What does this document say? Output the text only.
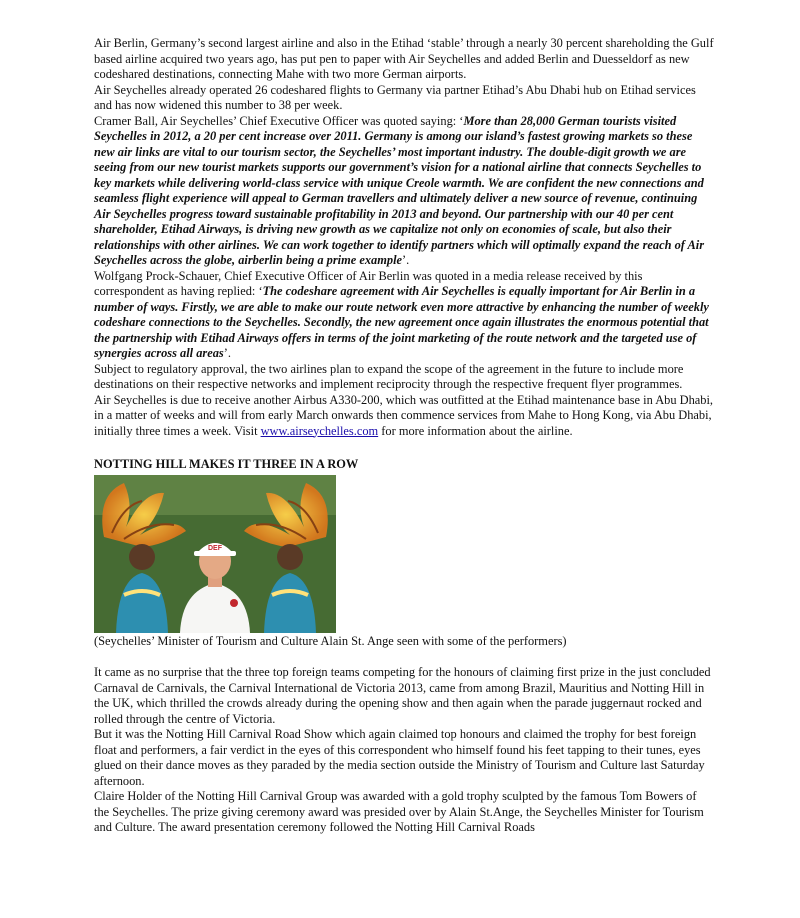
Air Berlin, Germany’s second largest airline and also in the Etihad ‘stable’ through a nearly 30 percent shareholding the Gulf based airline acquired two years ago, has put pen to paper with Air Seychelles and added Berlin and Duesseldorf as new codeshared destinations, connecting Mahe with two more German airports.

Air Seychelles already operated 26 codeshared flights to Germany via partner Etihad’s Abu Dhabi hub on Etihad services and has now widened this number to 38 per week.

Cramer Ball, Air Seychelles’ Chief Executive Officer was quoted saying: ‘More than 28,000 German tourists visited Seychelles in 2012, a 20 per cent increase over 2011. Germany is among our island’s fastest growing markets so these new air links are vital to our tourism sector, the Seychelles’ most important industry. The double-digit growth we are seeing from our new tourist markets supports our government’s vision for a national airline that connects Seychelles to key markets while delivering world-class service with unique Creole warmth. We are confident the new connections and seamless flight experience will appeal to German travellers and ultimately deliver a new source of revenue, continuing Air Seychelles progress toward sustainable profitability in 2013 and beyond. Our partnership with our 40 per cent shareholder, Etihad Airways, is driving new growth as we capitalize not only on economies of scale, but also their relationships with other airlines. We can work together to identify partners which will optimally expand the reach of Air Seychelles across the globe, airberlin being a prime example’.

Wolfgang Prock-Schauer, Chief Executive Officer of Air Berlin was quoted in a media release received by this correspondent as having replied: ‘The codeshare agreement with Air Seychelles is equally important for Air Berlin in a number of ways. Firstly, we are able to make our route network even more attractive by enhancing the number of weekly codeshare connections to the Seychelles. Secondly, the new agreement once again illustrates the enormous potential that the partnership with Etihad Airways offers in terms of the joint marketing of the route network and the targeted use of synergies across all areas’.

Subject to regulatory approval, the two airlines plan to expand the scope of the agreement in the future to include more destinations on their respective networks and implement reciprocity through the respective frequent flyer programmes.

Air Seychelles is due to receive another Airbus A330-200, which was outfitted at the Etihad maintenance base in Abu Dhabi, in a matter of weeks and will from early March onwards then commence services from Mahe to Hong Kong, via Abu Dhabi, initially three times a week. Visit www.airseychelles.com for more information about the airline.

NOTTING HILL MAKES IT THREE IN A ROW
DEF

(Seychelles’ Minister of Tourism and Culture Alain St. Ange seen with some of the performers)

It came as no surprise that the three top foreign teams competing for the honours of claiming first prize in the just concluded Carnaval de Carnivals, the Carnival International de Victoria 2013, came from among Brazil, Mauritius and Notting Hill in the UK, which thrilled the crowds already during the opening show and then again when the parade juggernaut rocked and rolled through the centre of Victoria.

But it was the Notting Hill Carnival Road Show which again claimed top honours and claimed the trophy for best foreign float and performers, a fair verdict in the eyes of this correspondent who himself found his feet tapping to their tunes, eyes glued on their dance moves as they paraded by the media section outside the Ministry of Tourism and Culture last Saturday afternoon.

Claire Holder of the Notting Hill Carnival Group was awarded with a gold trophy sculpted by the famous Tom Bowers of the Seychelles. The prize giving ceremony award was presided over by Alain St.Ange, the Seychelles Minister for Tourism and Culture. The award presentation ceremony followed the Notting Hill Carnival Roads
